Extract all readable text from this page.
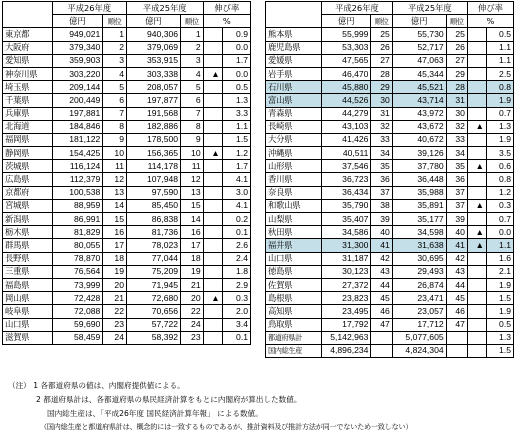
	平成26年度		平成25年度		伸び率	
	億円	順位	億円	順位	%	
東京都	949,021	1	940,306	1		0.9
大阪府	379,340	2	379,069	2		0.0
愛知県	359,903	3	353,915	3		1.7
神奈川県	303,220	4	303,338	4	▲	0.0
埼玉県	209,144	5	208,057	5		0.5
千葉県	200,449	6	197,877	6		1.3
兵庫県	197,881	7	191,568	7		3.3
北海道	184,846	8	182,886	8		1.1
福岡県	181,122	9	178,500	9		1.5
静岡県	154,425	10	156,365	10	▲	1.2
茨城県	116,124	11	114,178	11		1.7
広島県	112,379	12	107,948	12		4.1
京都府	100,538	13	97,590	13		3.0
宮城県	88,959	14	85,450	15		4.1
新潟県	86,991	15	86,838	14		0.2
栃木県	81,829	16	81,736	16		0.1
群馬県	80,055	17	78,023	17		2.6
長野県	78,870	18	77,044	18		2.4
三重県	76,564	19	75,209	19		1.8
福島県	73,999	20	71,945	21		2.9
岡山県	72,428	21	72,680	20	▲	0.3
岐阜県	72,088	22	70,656	22		2.0
山口県	59,690	23	57,722	24		3.4
滋賀県	58,459	24	58,392	23		0.1
	平成26年度		平成25年度		伸び率	
	億円	順位	億円	順位	%	
熊本県	55,999	25	55,730	25		0.5
鹿児島県	53,303	26	52,717	26		1.1
愛媛県	47,565	27	47,063	27		1.1
岩手県	46,470	28	45,344	29		2.5
石川県	45,880	29	45,521	28		0.8
富山県	44,526	30	43,714	31		1.9
青森県	44,279	31	43,972	30		0.7
長崎県	43,103	32	43,672	32	▲	1.3
大分県	41,426	33	40,672	33		1.9
沖縄県	40,511	34	39,126	34		3.5
山形県	37,546	35	37,780	35	▲	0.6
香川県	36,723	36	36,448	36		0.8
奈良県	36,434	37	35,988	37		1.2
和歌山県	35,790	38	35,891	37	▲	0.3
山梨県	35,407	39	35,177	39		0.7
秋田県	34,586	40	34,598	40	▲	0.0
福井県	31,300	41	31,638	41	▲	1.1
山口県	31,187	42	30,695	42		1.6
徳島県	30,123	43	29,493	43		2.1
佐賀県	27,372	44	26,874	44		1.9
島根県	23,823	45	23,471	45		1.5
高知県	23,495	46	23,057	46		1.9
鳥取県	17,792	47	17,712	47		0.5
都道府県計	5,142,963		5,077,605			1.3
国内総生産	4,896,234		4,824,304			1.5
（注） 1 各都道府県の値は、内閣府提供値による。
2 都道府県計は、各都道府県の県民経済計算をもとに内閣府が算出した数値。
国内総生産は、「平成26年度 国民経済計算年報」 による数値。
（国内総生産と都道府県計は、概念的には一致するものであるが、推計資料及び推計方法が同一でないため一致しない）
